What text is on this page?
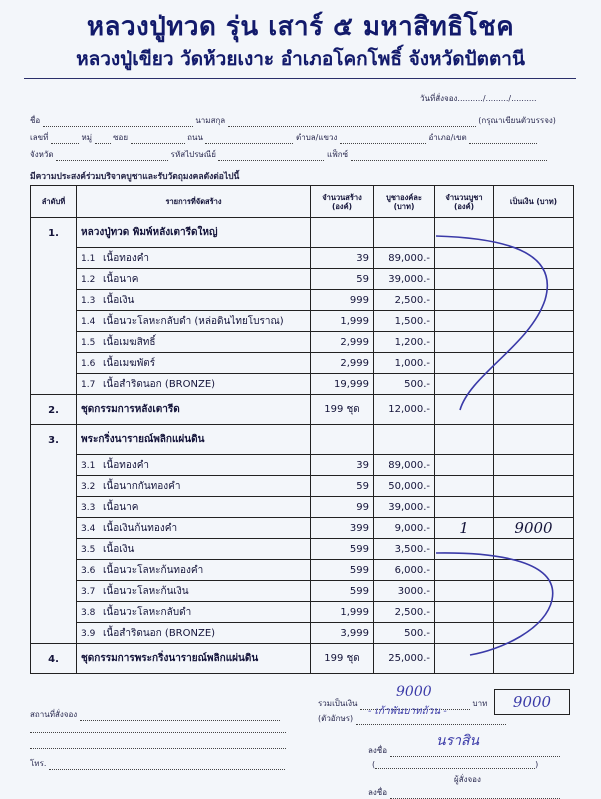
หลวงปู่ทวด รุ่น เสาร์ ๕ มหาสิทธิโชค
หลวงปู่เขียว วัดห้วยเงาะ อำเภอโคกโพธิ์ จังหวัดปัตตานี
วันที่สั่งจอง........../........./..........
ชื่อ	นามสกุล	(กรุณาเขียนตัวบรรจง)
เลขที่	หมู่	ซอย	ถนน	ตำบล/แขวง	อำเภอ/เขต
จังหวัด	รหัสไปรษณีย์	แฟ็กซ์
มีความประสงค์ร่วมบริจาคบูชาและรับวัตถุมงคลดังต่อไปนี้
ลำดับที่	รายการที่จัดสร้าง	จำนวนสร้าง (องค์)	บูชาองค์ละ (บาท)	จำนวนบูชา (องค์)	เป็นเงิน (บาท)
1.	หลวงปู่ทวด พิมพ์หลังเตารีดใหญ่				
	1.1 เนื้อทองคำ	39	89,000.-		
	1.2 เนื้อนาค	59	39,000.-		
	1.3 เนื้อเงิน	999	2,500.-		
	1.4 เนื้อนวะโลหะกลับดำ (หล่อดินไทยโบราณ)	1,999	1,500.-		
	1.5 เนื้อเมฆสิทธิ์	2,999	1,200.-		
	1.6 เนื้อเมฆพัตร์	2,999	1,000.-		
	1.7 เนื้อสำริดนอก (BRONZE)	19,999	500.-		
2.	ชุดกรรมการหลังเตารีด	199 ชุด	12,000.-		
3.	พระกริ่งนารายณ์พลิกแผ่นดิน				
	3.1 เนื้อทองคำ	39	89,000.-		
	3.2 เนื้อนากกันทองคำ	59	50,000.-		
	3.3 เนื้อนาค	99	39,000.-		
	3.4 เนื้อเงินก้นทองคำ	399	9,000.-	1	9000
	3.5 เนื้อเงิน	599	3,500.-		
	3.6 เนื้อนวะโลหะก้นทองคำ	599	6,000.-		
	3.7 เนื้อนวะโลหะก้นเงิน	599	3000.-		
	3.8 เนื้อนวะโลหะกลับดำ	1,999	2,500.-		
	3.9 เนื้อสำริดนอก (BRONZE)	3,999	500.-		
4.	ชุดกรรมการพระกริ่งนารายณ์พลิกแผ่นดิน	199 ชุด	25,000.-		
สถานที่สั่งจอง
โทร.
รวมเป็นเงิน	บาท
9000
(ตัวอักษร)
- เก้าพันบาทถ้วน -
9000
ลงชื่อ
นราสิน
(	)
ผู้สั่งจอง
ลงชื่อ
